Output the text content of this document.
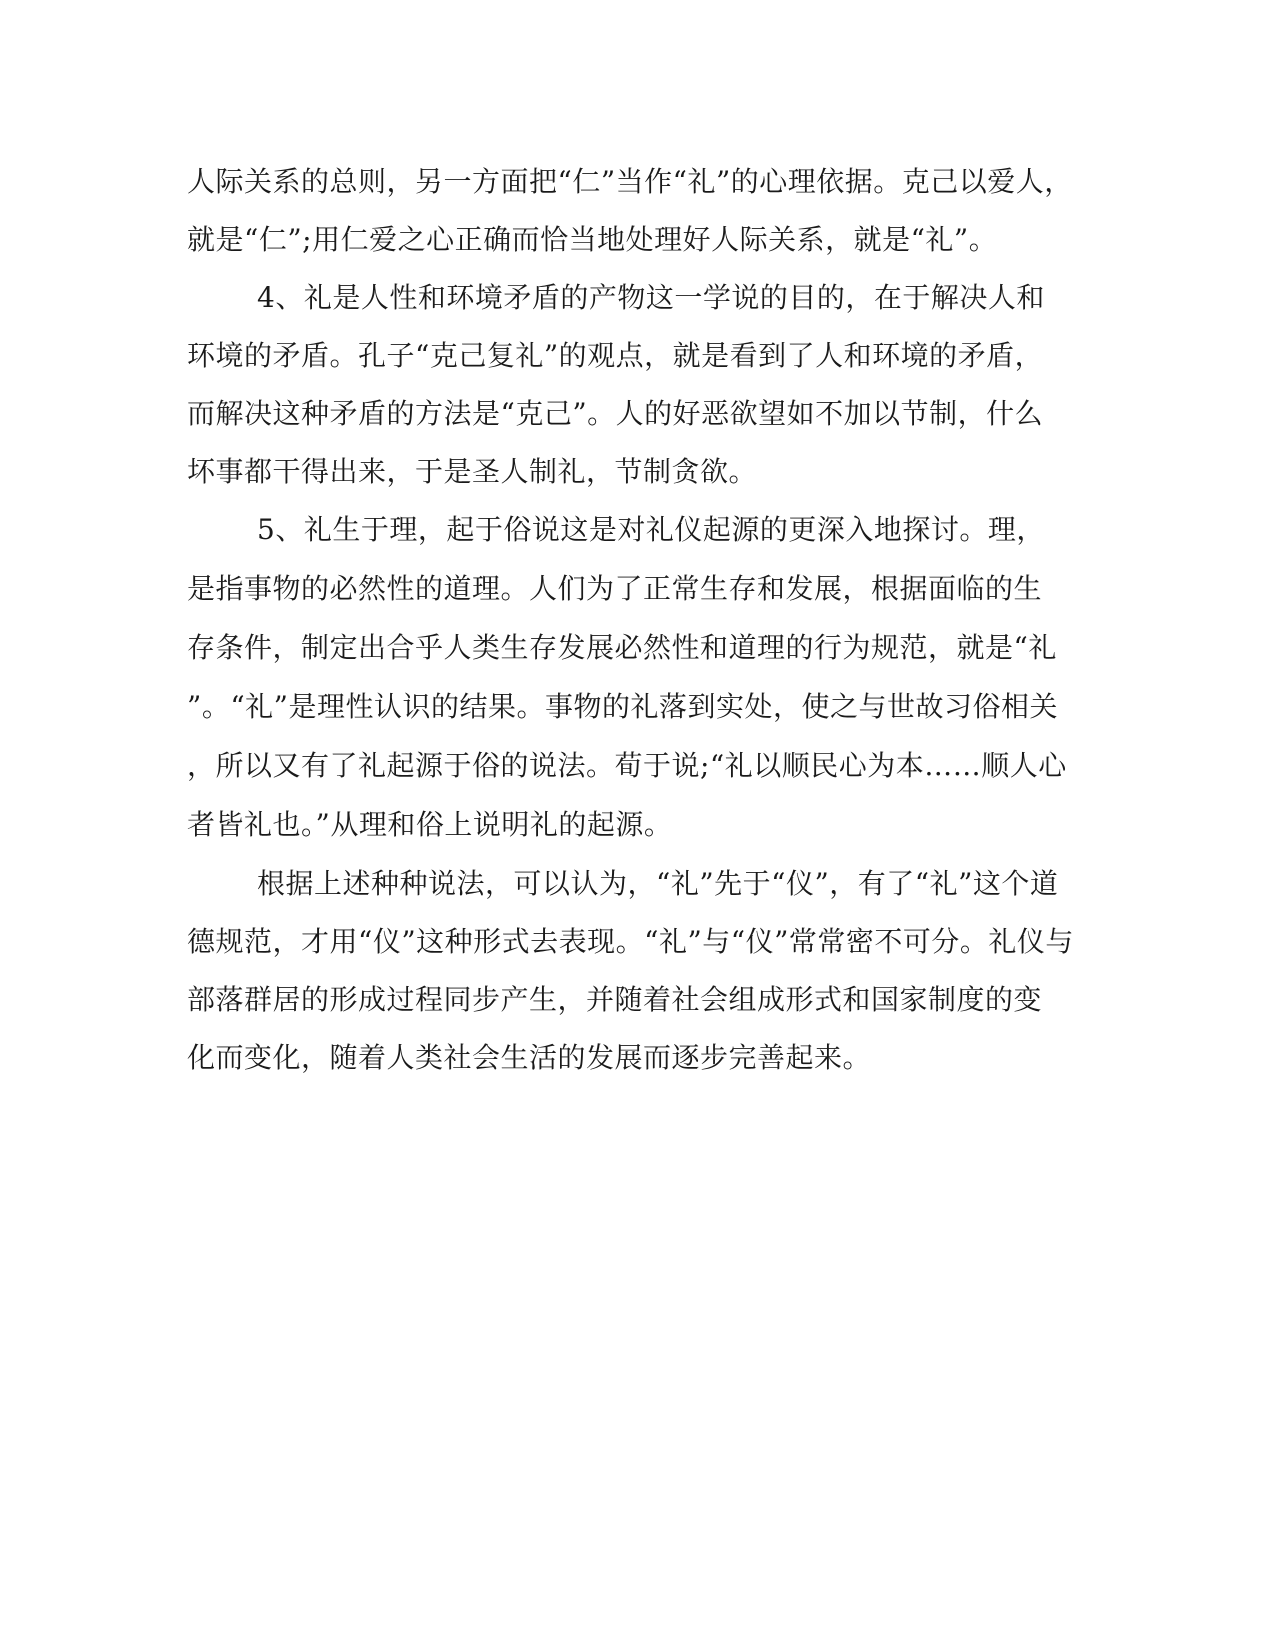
人际关系的总则，另一方面把“仁”当作“礼”的心理依据。克己以爱人，
就是“仁”;用仁爱之心正确而恰当地处理好人际关系，就是“礼”。
4、礼是人性和环境矛盾的产物这一学说的目的，在于解决人和
环境的矛盾。孔子“克己复礼”的观点，就是看到了人和环境的矛盾，
而解决这种矛盾的方法是“克己”。人的好恶欲望如不加以节制，什么
坏事都干得出来，于是圣人制礼，节制贪欲。
5、礼生于理，起于俗说这是对礼仪起源的更深入地探讨。理，
是指事物的必然性的道理。人们为了正常生存和发展，根据面临的生
存条件，制定出合乎人类生存发展必然性和道理的行为规范，就是“礼
”。“礼”是理性认识的结果。事物的礼落到实处，使之与世故习俗相关
，所以又有了礼起源于俗的说法。荀于说;“礼以顺民心为本……顺人心
者皆礼也。”从理和俗上说明礼的起源。
根据上述种种说法，可以认为，“礼”先于“仪”，有了“礼”这个道
德规范，才用“仪”这种形式去表现。“礼”与“仪”常常密不可分。礼仪与
部落群居的形成过程同步产生，并随着社会组成形式和国家制度的变
化而变化，随着人类社会生活的发展而逐步完善起来。
